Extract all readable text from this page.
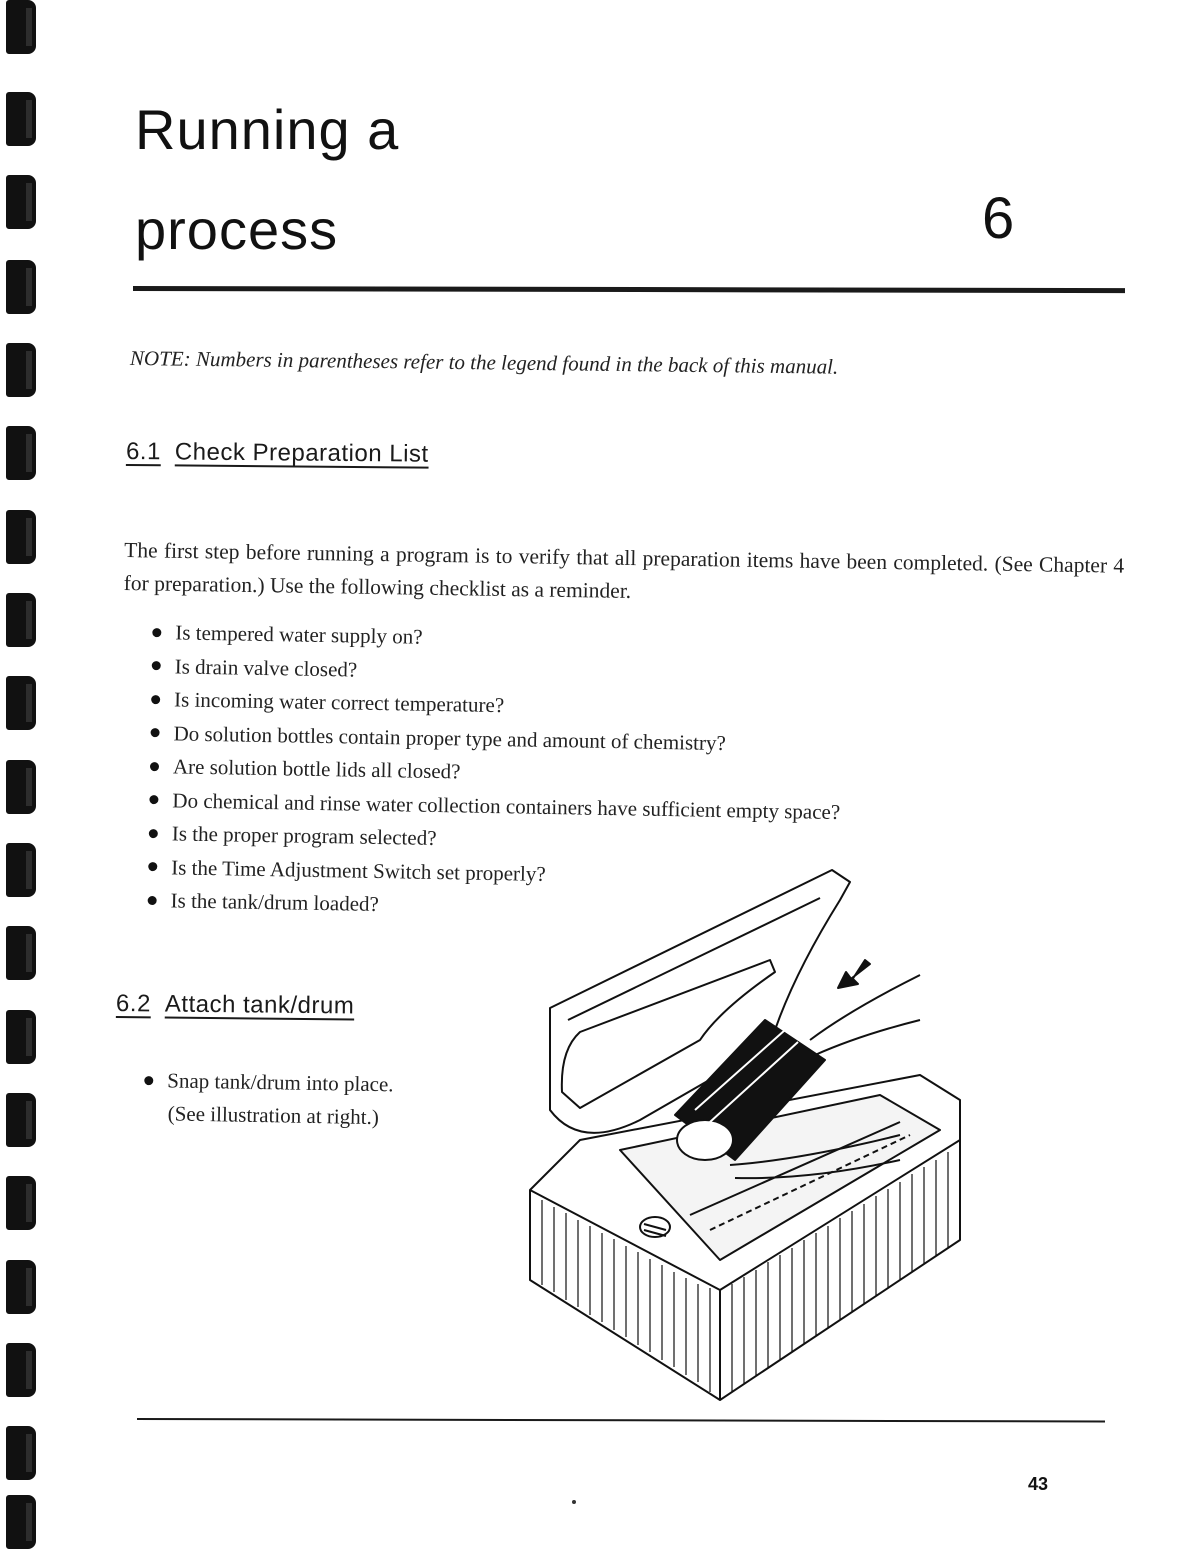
Running a
process	6
NOTE: Numbers in parentheses refer to the legend found in the back of this manual.
6.1 Check Preparation List

The first step before running a program is to verify that all preparation items have been completed. (See Chapter 4 for preparation.) Use the following checklist as a reminder.

Is tempered water supply on?
Is drain valve closed?
Is incoming water correct temperature?
Do solution bottles contain proper type and amount of chemistry?
Are solution bottle lids all closed?
Do chemical and rinse water collection containers have sufficient empty space?
Is the proper program selected?
Is the Time Adjustment Switch set properly?
Is the tank/drum loaded?
6.2 Attach tank/drum
Snap tank/drum into place.
(See illustration at right.)
43
